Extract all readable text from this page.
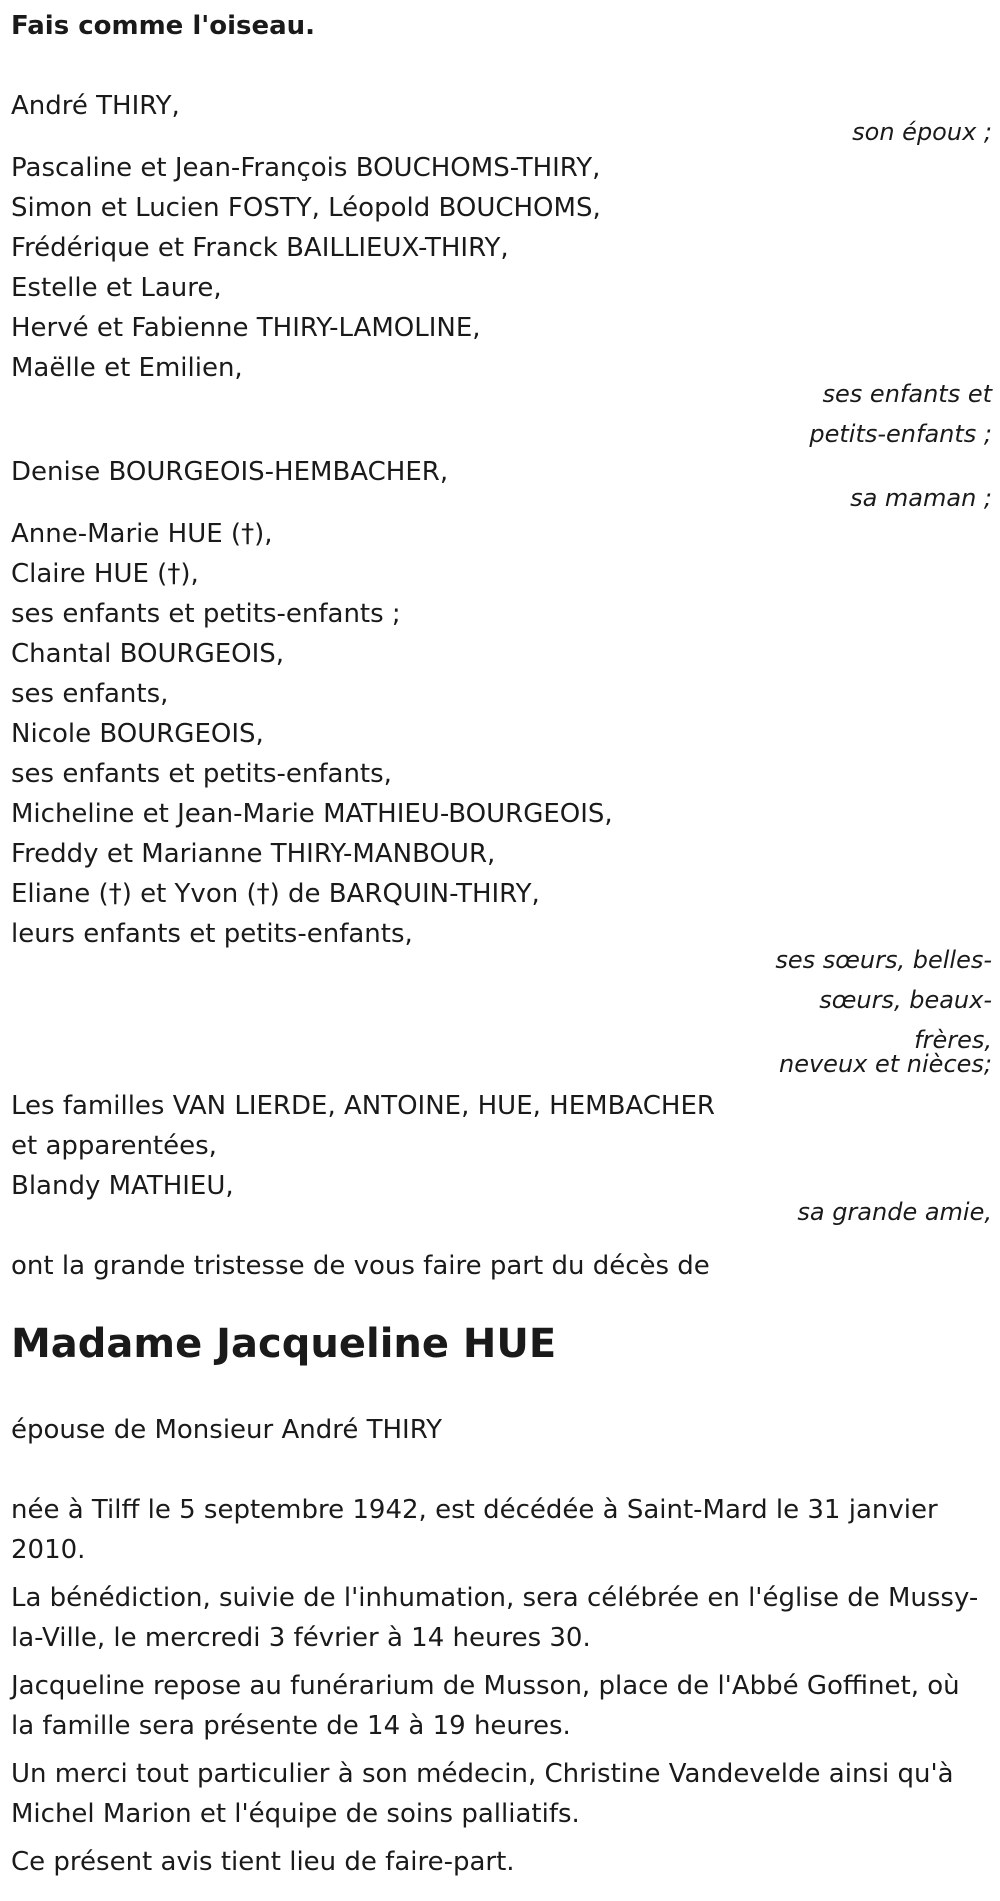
Fais comme l'oiseau.

André THIRY,

son époux ;

Pascaline et Jean-François BOUCHOMS-THIRY,

Simon et Lucien FOSTY, Léopold BOUCHOMS,

Frédérique et Franck BAILLIEUX-THIRY,

Estelle et Laure,

Hervé et Fabienne THIRY-LAMOLINE,

Maëlle et Emilien,

ses enfants et

petits-enfants ;

Denise BOURGEOIS-HEMBACHER,

sa maman ;

Anne-Marie HUE (†),

Claire HUE (†),

ses enfants et petits-enfants ;

Chantal BOURGEOIS,

ses enfants,

Nicole BOURGEOIS,

ses enfants et petits-enfants,

Micheline et Jean-Marie MATHIEU-BOURGEOIS,

Freddy et Marianne THIRY-MANBOUR,

Eliane (†) et Yvon (†) de BARQUIN-THIRY,

leurs enfants et petits-enfants,

ses sœurs, belles-

sœurs, beaux-

frères,

neveux et nièces;

Les familles VAN LIERDE, ANTOINE, HUE, HEMBACHER

et apparentées,

Blandy MATHIEU,

sa grande amie,

ont la grande tristesse de vous faire part du décès de

Madame Jacqueline HUE

épouse de Monsieur André THIRY

née à Tilff le 5 septembre 1942, est décédée à Saint-Mard le 31 janvier 2010.

La bénédiction, suivie de l'inhumation, sera célébrée en l'église de Mussy-la-Ville, le mercredi 3 février à 14 heures 30.

Jacqueline repose au funérarium de Musson, place de l'Abbé Goffinet, où la famille sera présente de 14 à 19 heures.

Un merci tout particulier à son médecin, Christine Vandevelde ainsi qu'à Michel Marion et l'équipe de soins palliatifs.

Ce présent avis tient lieu de faire-part.
